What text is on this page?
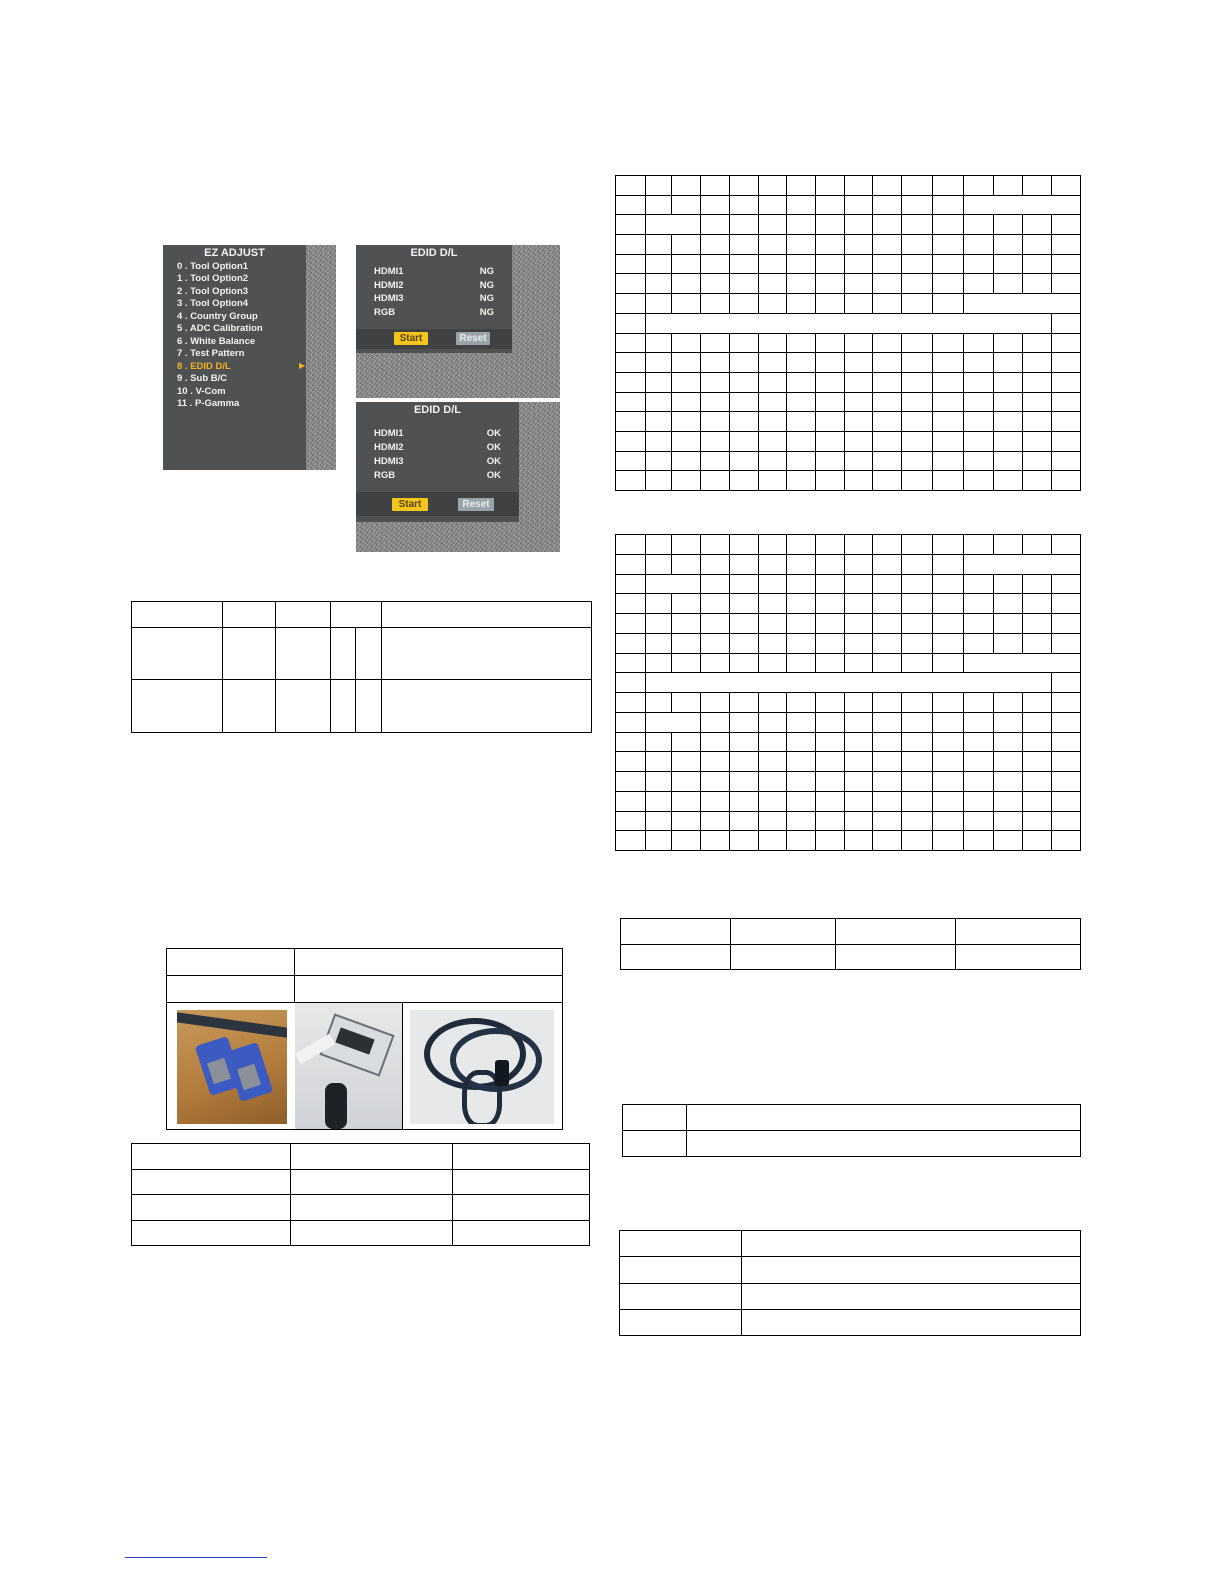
EZ ADJUST
0 . Tool Option1
1 . Tool Option2
2 . Tool Option3
3 . Tool Option4
4 . Country Group
5 . ADC Calibration
6 . White Balance
7 . Test Pattern
8 . EDID D/L
9 . Sub B/C
10 . V-Com
11 . P-Gamma
▶
EDID D/L
HDMI1	NG
HDMI2	NG
HDMI3	NG
RGB	NG
Start	Reset
EDID D/L
HDMI1	OK
HDMI2	OK
HDMI3	OK
RGB	OK
Start	Reset
